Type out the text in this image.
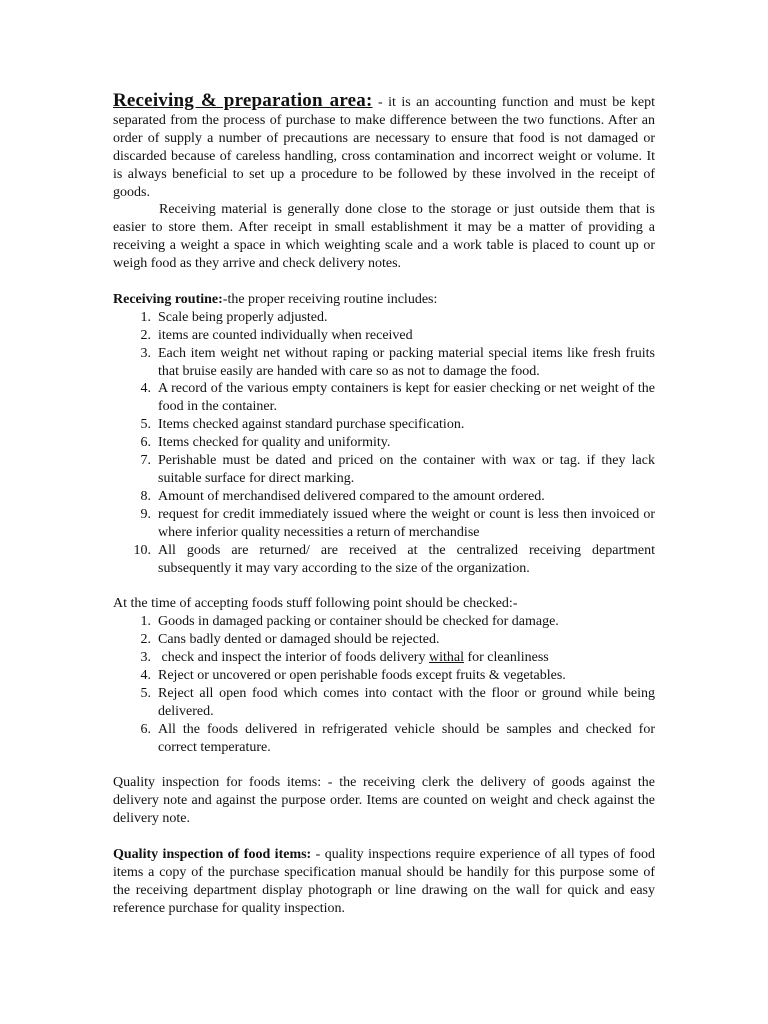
Receiving & preparation area: - it is an accounting function and must be kept separated from the process of purchase to make difference between the two functions. After an order of supply a number of precautions are necessary to ensure that food is not damaged or discarded because of careless handling, cross contamination and incorrect weight or volume. It is always beneficial to set up a procedure to be followed by these involved in the receipt of goods.

Receiving material is generally done close to the storage or just outside them that is easier to store them. After receipt in small establishment it may be a matter of providing a receiving a weight a space in which weighting scale and a work table is placed to count up or weigh food as they arrive and check delivery notes.

Receiving routine:-the proper receiving routine includes:

1. Scale being properly adjusted.
2. items are counted individually when received
3. Each item weight net without raping or packing material special items like fresh fruits that bruise easily are handed with care so as not to damage the food.
4. A record of the various empty containers is kept for easier checking or net weight of the food in the container.
5. Items checked against standard purchase specification.
6. Items checked for quality and uniformity.
7. Perishable must be dated and priced on the container with wax or tag. if they lack suitable surface for direct marking.
8. Amount of merchandised delivered compared to the amount ordered.
9. request for credit immediately issued where the weight or count is less then invoiced or where inferior quality necessities a return of merchandise
10. All goods are returned/ are received at the centralized receiving department subsequently it may vary according to the size of the organization.

At the time of accepting foods stuff following point should be checked:-

1. Goods in damaged packing or container should be checked for damage.
2. Cans badly dented or damaged should be rejected.
3. check and inspect the interior of foods delivery withal for cleanliness
4. Reject or uncovered or open perishable foods except fruits & vegetables.
5. Reject all open food which comes into contact with the floor or ground while being delivered.
6. All the foods delivered in refrigerated vehicle should be samples and checked for correct temperature.

Quality inspection for foods items: - the receiving clerk the delivery of goods against the delivery note and against the purpose order. Items are counted on weight and check against the delivery note.

Quality inspection of food items: - quality inspections require experience of all types of food items a copy of the purchase specification manual should be handily for this purpose some of the receiving department display photograph or line drawing on the wall for quick and easy reference purchase for quality inspection.
